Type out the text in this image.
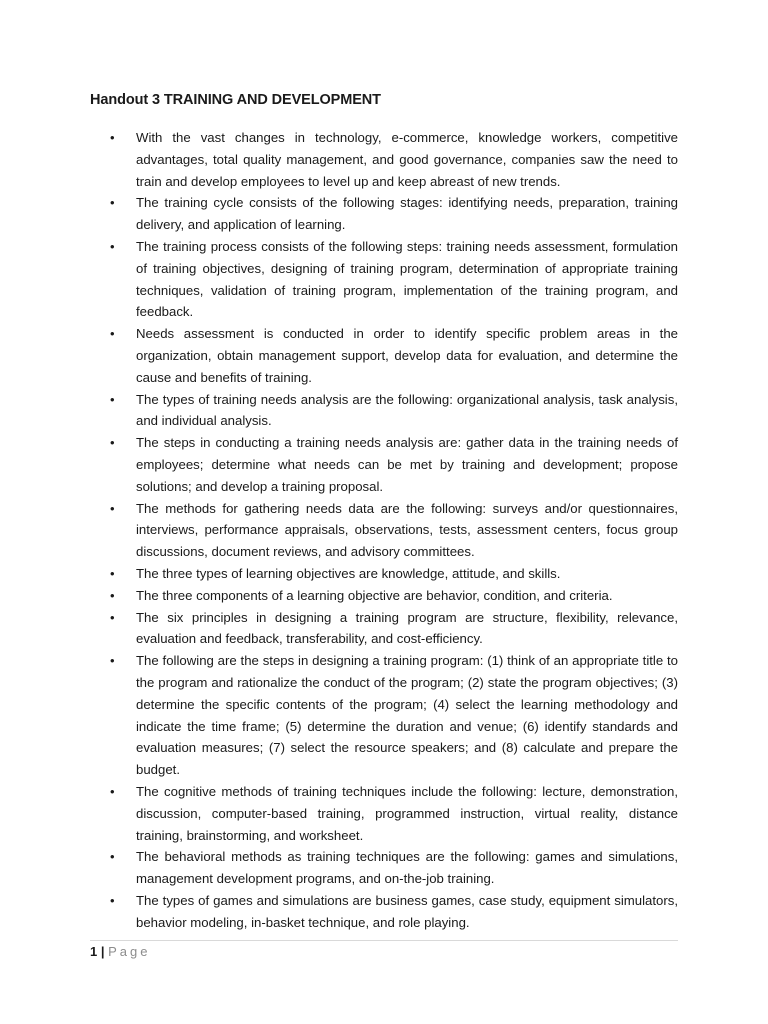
Handout 3 TRAINING AND DEVELOPMENT
•	With the vast changes in technology, e-commerce, knowledge workers, competitive advantages, total quality management, and good governance, companies saw the need to train and develop employees to level up and keep abreast of new trends.
•	The training cycle consists of the following stages: identifying needs, preparation, training delivery, and application of learning.
•	The training process consists of the following steps: training needs assessment, formulation of training objectives, designing of training program, determination of appropriate training techniques, validation of training program, implementation of the training program, and feedback.
•	Needs assessment is conducted in order to identify specific problem areas in the organization, obtain management support, develop data for evaluation, and determine the cause and benefits of training.
•	The types of training needs analysis are the following: organizational analysis, task analysis, and individual analysis.
•	The steps in conducting a training needs analysis are: gather data in the training needs of employees; determine what needs can be met by training and development; propose solutions; and develop a training proposal.
•	The methods for gathering needs data are the following: surveys and/or questionnaires, interviews, performance appraisals, observations, tests, assessment centers, focus group discussions, document reviews, and advisory committees.
•	The three types of learning objectives are knowledge, attitude, and skills.
•	The three components of a learning objective are behavior, condition, and criteria.
•	The six principles in designing a training program are structure, flexibility, relevance, evaluation and feedback, transferability, and cost-efficiency.
•	The following are the steps in designing a training program: (1) think of an appropriate title to the program and rationalize the conduct of the program; (2) state the program objectives; (3) determine the specific contents of the program; (4) select the learning methodology and indicate the time frame; (5) determine the duration and venue; (6) identify standards and evaluation measures; (7) select the resource speakers; and (8) calculate and prepare the budget.
•	The cognitive methods of training techniques include the following: lecture, demonstration, discussion, computer-based training, programmed instruction, virtual reality, distance training, brainstorming, and worksheet.
•	The behavioral methods as training techniques are the following: games and simulations, management development programs, and on-the-job training.
•	The types of games and simulations are business games, case study, equipment simulators, behavior modeling, in-basket technique, and role playing.
1 | Page
